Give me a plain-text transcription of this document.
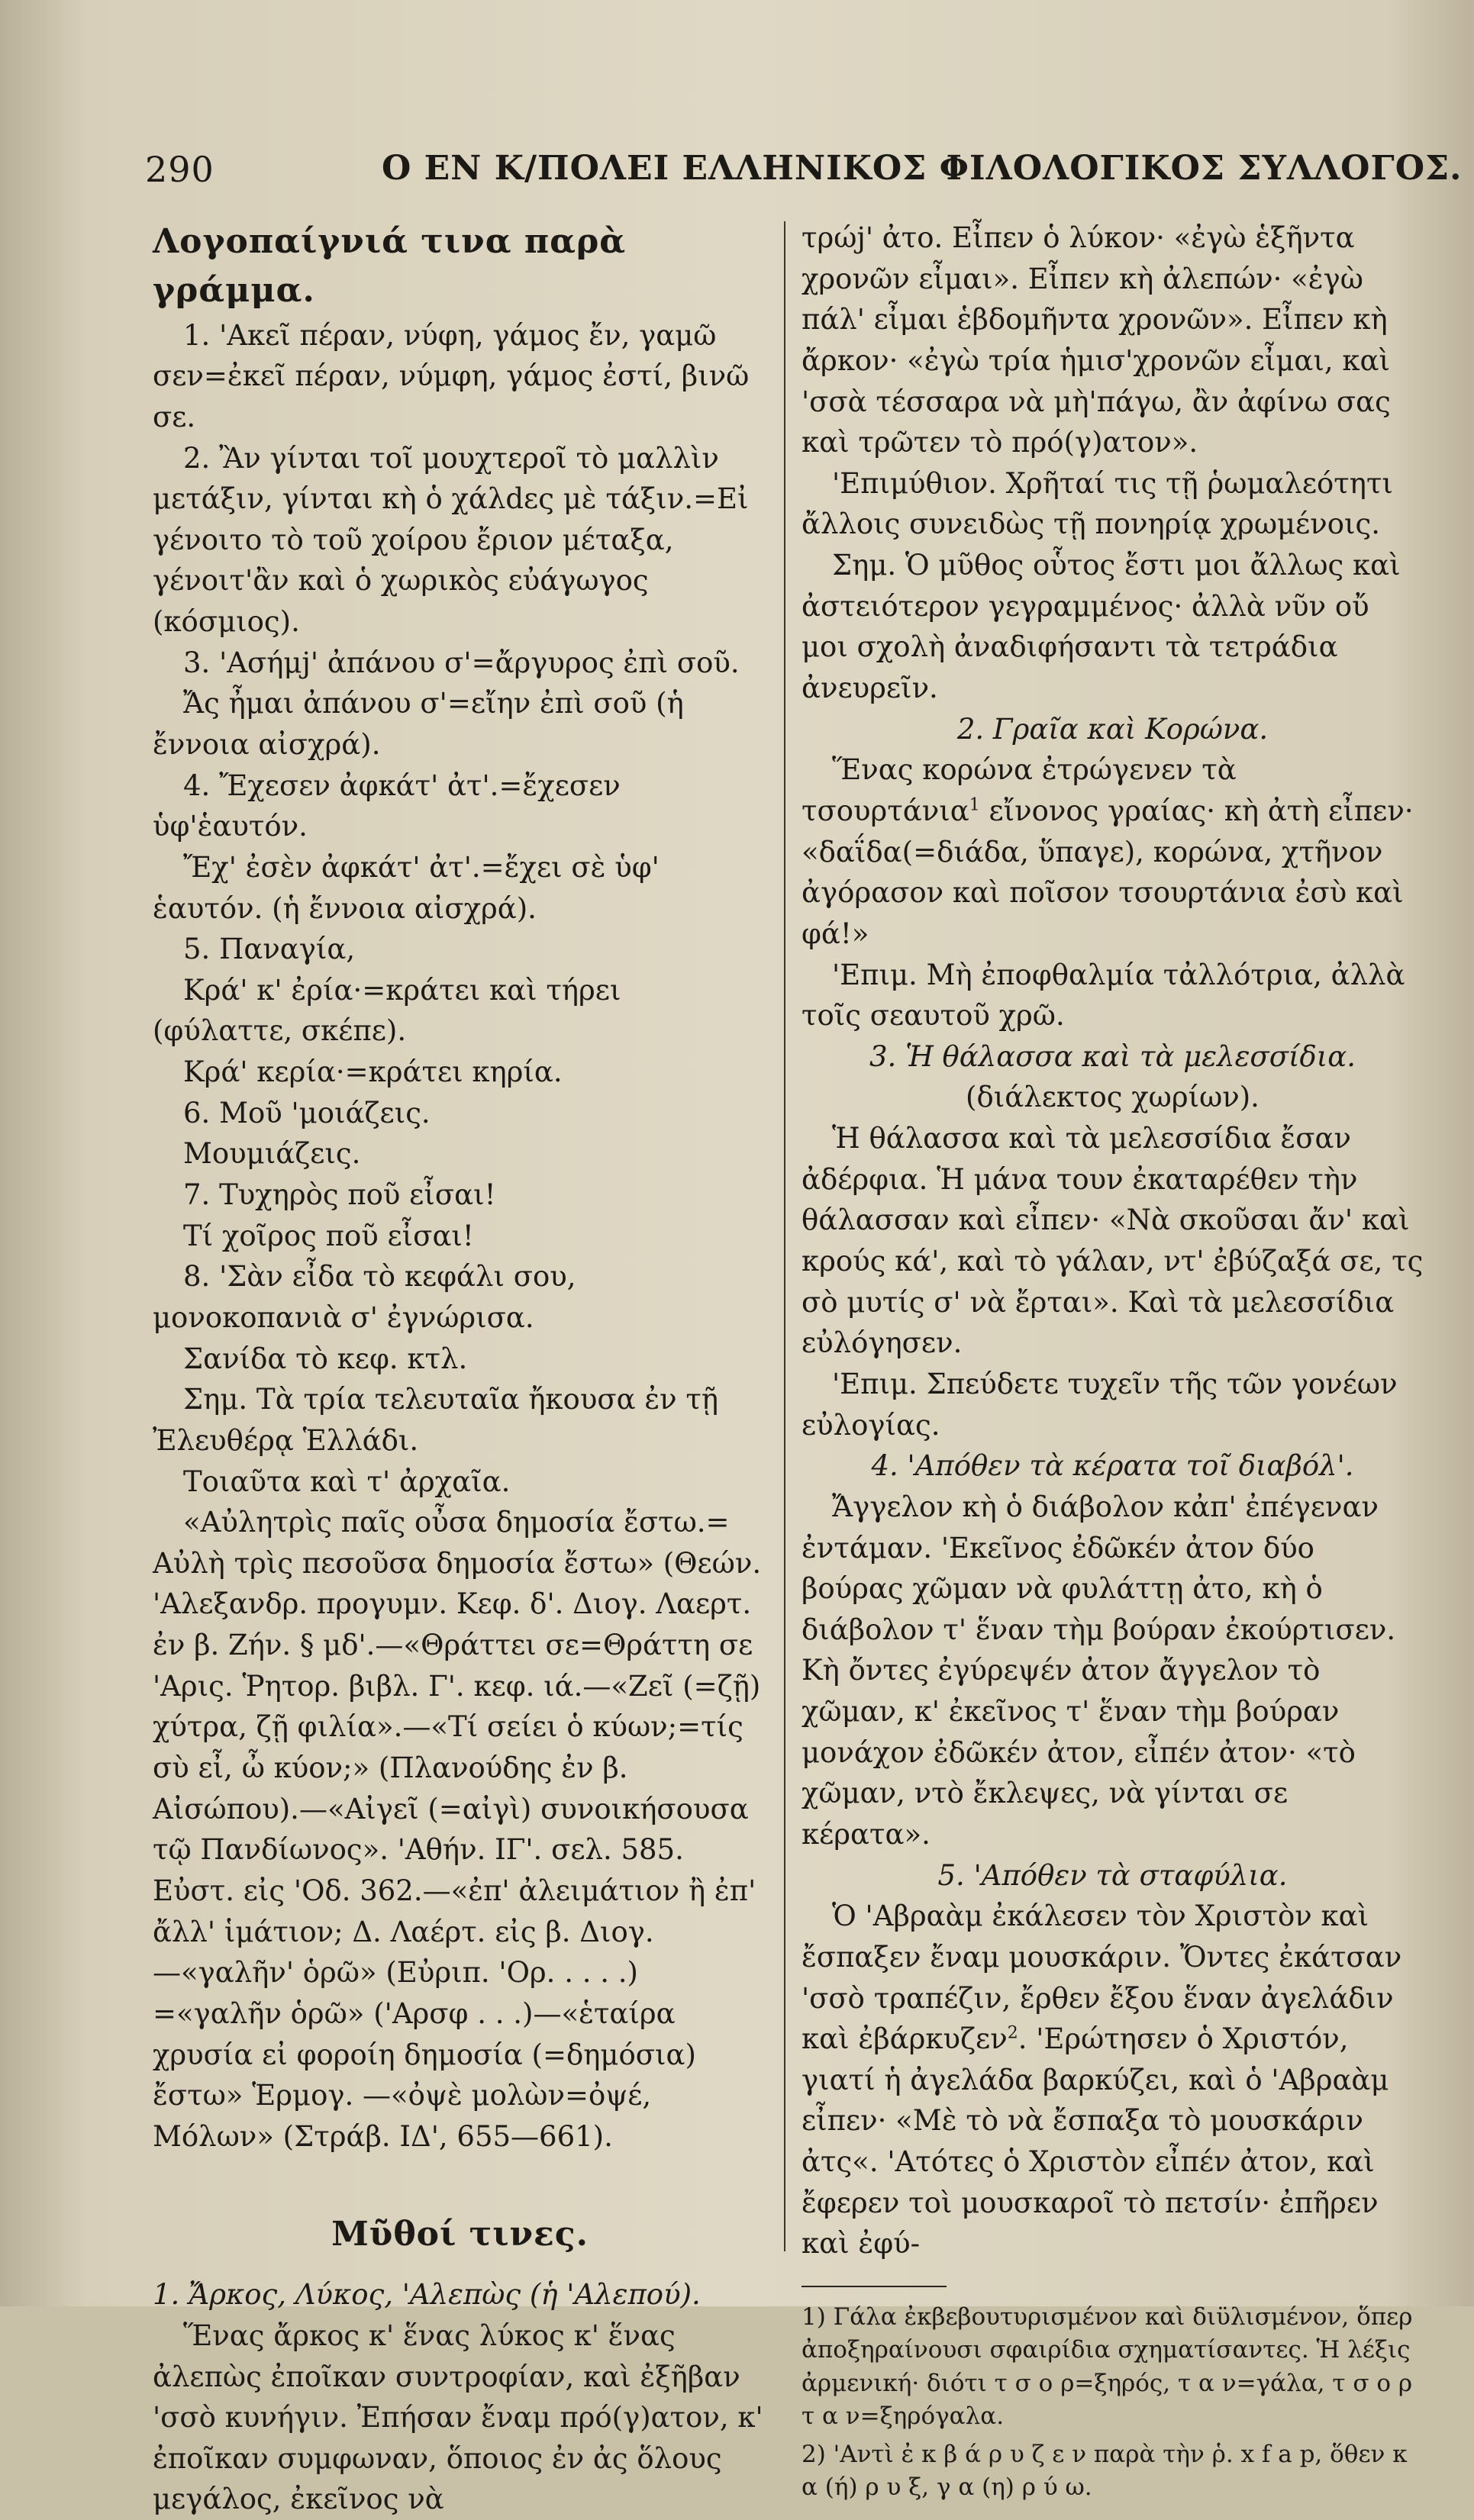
290	Ο ΕΝ Κ/ΠΟΛΕΙ ΕΛΛΗΝΙΚΟΣ ΦΙΛΟΛΟΓΙΚΟΣ ΣΥΛΛΟΓΟΣ.

Λογοπαίγνιά τινα παρὰ γράμμα.

1. 'Ακεῖ πέραν, νύφη, γάμος ἔν, γαμῶ σεν=ἐκεῖ πέραν, νύμφη, γάμος ἐστί, βινῶ σε.

2. Ἂν γίνται τοῖ μουχτεροῖ τὸ μαλλὶν μετάξιν, γίνται κὴ ὁ χάλdες μὲ τάξιν.=Εἰ γένοιτο τὸ τοῦ χοίρου ἔριον μέταξα, γένοιτ'ἂν καὶ ὁ χωρικὸς εὐάγωγος (κόσμιος).

3. 'Ασήμj' ἀπάνου σ'=ἄργυρος ἐπὶ σοῦ.

Ἄς ἦμαι ἀπάνου σ'=εἴην ἐπὶ σοῦ (ἡ ἔννοια αἰσχρά).

4. Ἔχεσεν ἀφκάτ' ἀτ'.=ἔχεσεν ὑφ'ἑαυτόν.

Ἔχ' ἐσὲν ἀφκάτ' ἀτ'.=ἔχει σὲ ὑφ' ἑαυτόν. (ἡ ἔννοια αἰσχρά).

5. Παναγία,

Κρά' κ' ἐρία·=κράτει καὶ τήρει (φύλαττε, σκέπε).

Κρά' κερία·=κράτει κηρία.

6. Μοῦ 'μοιάζεις.

Μουμιάζεις.

7. Τυχηρὸς ποῦ εἶσαι!

Τί χοῖρος ποῦ εἶσαι!

8. 'Σὰν εἶδα τὸ κεφάλι σου, μονοκοπανιὰ σ' ἐγνώρισα.

Σανίδα τὸ κεφ. κτλ.

Σημ. Τὰ τρία τελευταῖα ἤκουσα ἐν τῇ Ἐλευθέρᾳ Ἑλλάδι.

Τοιαῦτα καὶ τ' ἀρχαῖα.

«Αὐλητρὶς παῖς οὖσα δημοσία ἔστω.= Αὐλὴ τρὶς πεσοῦσα δημοσία ἔστω» (Θεών. 'Αλεξανδρ. προγυμν. Κεφ. δ'. Διογ. Λαερτ. ἐν β. Ζήν. § μδ'.—«Θράττει σε=Θράττη σε 'Αρις. Ῥητορ. βιβλ. Γ'. κεφ. ιά.—«Ζεῖ (=ζῇ) χύτρα, ζῇ φιλία».—«Τί σείει ὁ κύων;=τίς σὺ εἶ, ὦ κύον;» (Πλανούδης ἐν β. Αἰσώπου).—«Αἰγεῖ (=αἰγὶ) συνοικήσουσα τῷ Πανδίωνος». 'Αθήν. ΙΓ'. σελ. 585. Εὐστ. εἰς 'Οδ. 362.—«ἐπ' ἀλειμάτιον ἢ ἐπ' ἄλλ' ἱμάτιον; Δ. Λαέρτ. εἰς β. Διογ.—«γαλῆν' ὁρῶ» (Εὐριπ. 'Ορ. . . . .) =«γαλῆν ὁρῶ» ('Αρσφ . . .)—«ἑταίρα χρυσία εἰ φοροίη δημοσία (=δημόσια) ἔστω» Ἑρμογ. —«ὀψὲ μολὼν=ὀψέ, Μόλων» (Στράβ. ΙΔ', 655—661).

Μῦθοί τινες.

1. Ἄρκος, Λύκος, 'Αλεπὼς (ἡ 'Αλεπού).

Ἕνας ἄρκος κ' ἕνας λύκος κ' ἕνας ἀλεπὼς ἐποῖκαν συντροφίαν, καὶ ἐξῆβαν 'σσὸ κυνήγιν. Ἐπήσαν ἔναμ πρό(γ)ατον, κ' ἐποῖκαν συμφωναν, ὅποιος ἐν ἀς ὅλους μεγάλος, ἐκεῖνος νὰ

τρώj' ἀτο. Εἶπεν ὁ λύκον· «ἐγὼ ἑξῆντα χρονῶν εἶμαι». Εἶπεν κὴ ἀλεπών· «ἐγὼ πάλ' εἶμαι ἑβδομῆντα χρονῶν». Εἶπεν κὴ ἄρκον· «ἐγὼ τρία ἡμισ'χρονῶν εἶμαι, καὶ 'σσὰ τέσσαρα νὰ μὴ'πάγω, ἂν ἀφίνω σας καὶ τρῶτεν τὸ πρό(γ)ατον».

'Επιμύθιον. Χρῆταί τις τῇ ῥωμαλεότητι ἄλλοις συνειδὼς τῇ πονηρίᾳ χρωμένοις.

Σημ. Ὁ μῦθος οὗτος ἔστι μοι ἄλλως καὶ ἀστειότερον γεγραμμένος· ἀλλὰ νῦν οὔ μοι σχολὴ ἀναδιφήσαντι τὰ τετράδια ἀνευρεῖν.

2. Γραῖα καὶ Κορώνα.

Ἕνας κορώνα ἐτρώγενεν τὰ τσουρτάνια$^1$ εἴνονος γραίας· κὴ ἀτὴ εἶπεν· «δαΐδα(=διάδα, ὕπαγε), κορώνα, χτῆνον ἀγόρασον καὶ ποῖσον τσουρτάνια ἐσὺ καὶ φά!»

'Επιμ. Μὴ ἐποφθαλμία τἀλλότρια, ἀλλὰ τοῖς σεαυτοῦ χρῶ.

3. Ἡ θάλασσα καὶ τὰ μελεσσίδια.

(διάλεκτος χωρίων).

Ἡ θάλασσα καὶ τὰ μελεσσίδια ἔσαν ἀδέρφια. Ἡ μάνα τουν ἐκαταρέθεν τὴν θάλασσαν καὶ εἶπεν· «Νὰ σκοῦσαι ἄν' καὶ κρούς κά', καὶ τὸ γάλαν, ντ' ἐβύζαξά σε, τς σὸ μυτίς σ' νὰ ἔρται». Καὶ τὰ μελεσσίδια εὐλόγησεν.

'Επιμ. Σπεύδετε τυχεῖν τῆς τῶν γονέων εὐλογίας.

4. 'Απόθεν τὰ κέρατα τοῖ διαβόλ'.

Ἄγγελον κὴ ὁ διάβολον κἀπ' ἐπέγεναν ἐντάμαν. 'Εκεῖνος ἐδῶκέν ἀτον δύο βούρας χῶμαν νὰ φυλάττῃ ἀτο, κὴ ὁ διάβολον τ' ἕναν τὴμ βούραν ἐκούρτισεν. Κὴ ὄντες ἐγύρεψέν ἀτον ἄγγελον τὸ χῶμαν, κ' ἐκεῖνος τ' ἕναν τὴμ βούραν μονάχον ἐδῶκέν ἀτον, εἶπέν ἀτον· «τὸ χῶμαν, ντὸ ἔκλεψες, νὰ γίνται σε κέρατα».

5. 'Απόθεν τὰ σταφύλια.

Ὁ 'Αβραὰμ ἐκάλεσεν τὸν Χριστὸν καὶ ἔσπαξεν ἔναμ μουσκάριν. Ὄντες ἐκάτσαν 'σσὸ τραπέζιν, ἔρθεν ἔξου ἕναν ἀγελάδιν καὶ ἐβάρκυζεν$^2$. 'Ερώτησεν ὁ Χριστόν, γιατί ἡ ἀγελάδα βαρκύζει, καὶ ὁ 'Αβραὰμ εἶπεν· «Μὲ τὸ νὰ ἔσπαξα τὸ μουσκάριν ἀτς«. 'Ατότες ὁ Χριστὸν εἶπέν ἀτον, καὶ ἔφερεν τοὶ μουσκαροῖ τὸ πετσίν· ἐπῆρεν καὶ ἐφύ-

1) Γάλα ἐκβεβουτυρισμένον καὶ διϋλισμένον, ὅπερ ἀποξηραίνουσι σφαιρίδια σχηματίσαντες. Ἡ λέξις ἀρμενική· διότι τ σ ο ρ=ξηρός, τ α ν=γάλα, τ σ ο ρ τ α ν=ξηρόγαλα.

2) 'Αντὶ ἐ κ β ά ρ υ ζ ε ν παρὰ τὴν ῥ. x f a p, ὅθεν κ α (ή) ρ υ ξ, γ α (η) ρ ύ ω.
